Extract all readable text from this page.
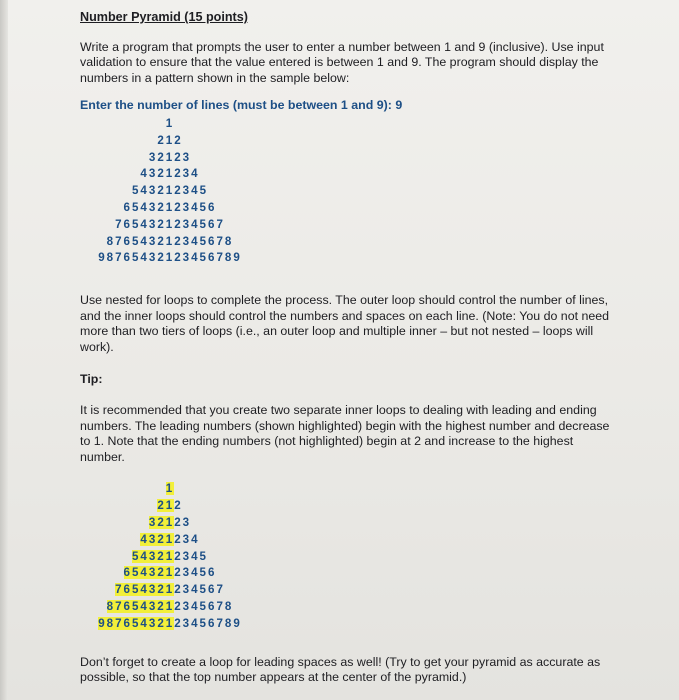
Number Pyramid (15 points)

Write a program that prompts the user to enter a number between 1 and 9 (inclusive). Use input validation to ensure that the value entered is between 1 and 9. The program should display the numbers in a pattern shown in the sample below:

Enter the number of lines (must be between 1 and 9): 9

1
212
32123
4321234
543212345
65432123456
7654321234567
876543212345678
98765432123456789

Use nested for loops to complete the process. The outer loop should control the number of lines, and the inner loops should control the numbers and spaces on each line. (Note: You do not need more than two tiers of loops (i.e., an outer loop and multiple inner – but not nested – loops will work).

Tip:

It is recommended that you create two separate inner loops to dealing with leading and ending numbers. The leading numbers (shown highlighted) begin with the highest number and decrease to 1. Note that the ending numbers (not highlighted) begin at 2 and increase to the highest number.

1
212
32123
4321234
543212345
65432123456
7654321234567
876543212345678
98765432123456789

Don’t forget to create a loop for leading spaces as well! (Try to get your pyramid as accurate as possible, so that the top number appears at the center of the pyramid.)
